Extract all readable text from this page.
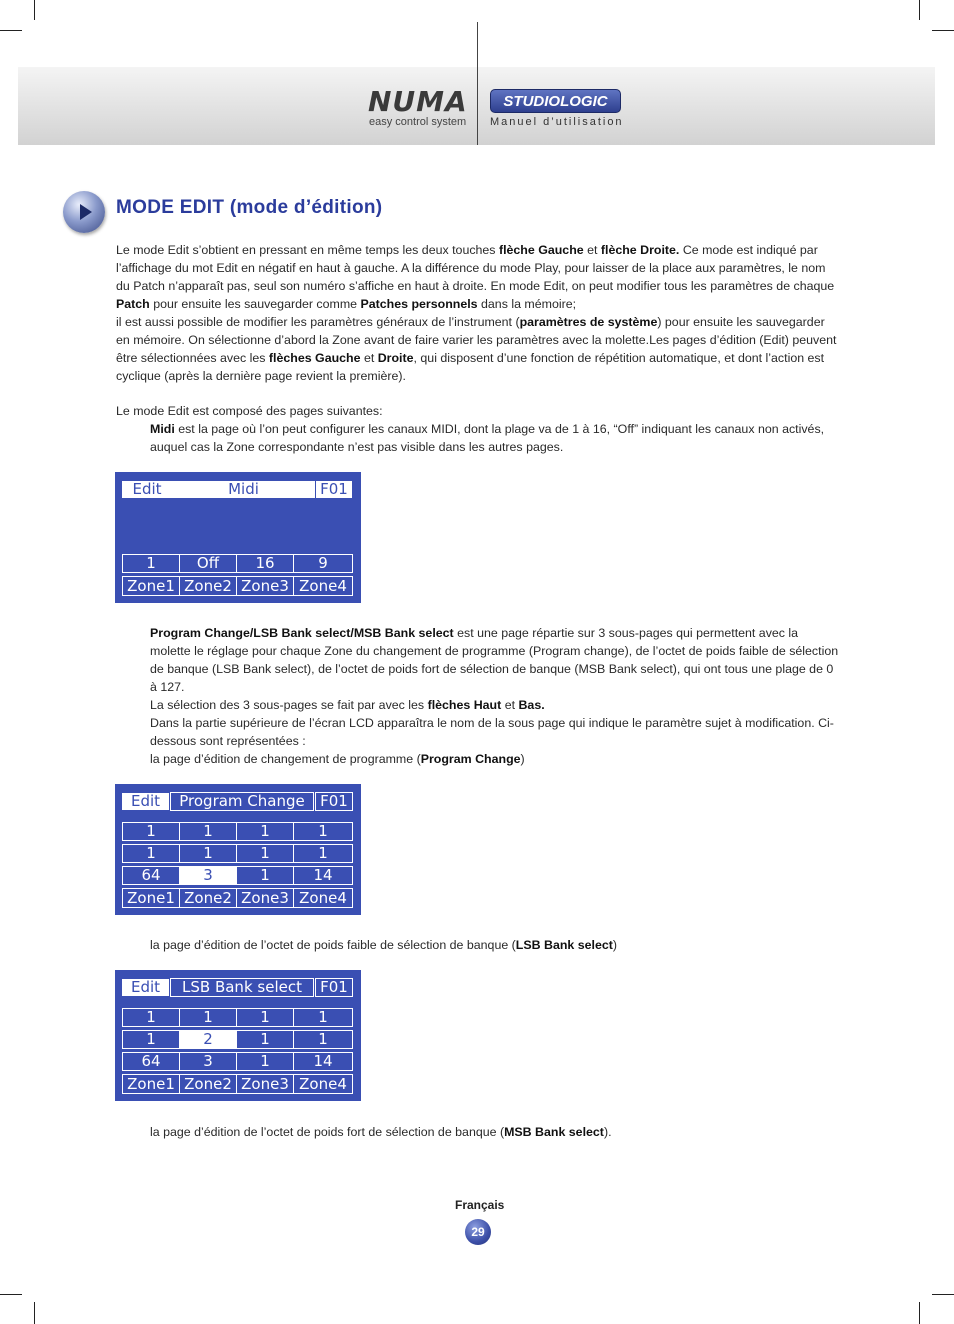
NUMA
easy control system
STUDIOLOGIC
Manuel d’utilisation
MODE EDIT (mode d’édition)

Le mode Edit s’obtient en pressant en même temps les deux touches flèche Gauche et flèche Droite. Ce mode est indiqué par l’affichage du mot Edit en négatif en haut à gauche. A la différence du mode Play, pour laisser de la place aux paramètres, le nom du Patch n’apparaît pas, seul son numéro s’affiche en haut à droite. En mode Edit, on peut modifier tous les paramètres de chaque Patch pour ensuite les sauvegarder comme Patches personnels dans la mémoire;
il est aussi possible de modifier les paramètres généraux de l’instrument (paramètres de système) pour ensuite les sauvegarder en mémoire. On sélectionne d’abord la Zone avant de faire varier les paramètres avec la molette.Les pages d’édition (Edit) peuvent être sélectionnées avec les flèches Gauche et Droite, qui disposent d’une fonction de répétition automatique, et dont l’action est cyclique (après la dernière page revient la première).

Le mode Edit est composé des pages suivantes:

Midi est la page où l’on peut configurer les canaux MIDI, dont la plage va de 1 à 16, “Off” indiquant les canaux non activés, auquel cas la Zone correspondante n’est pas visible dans les autres pages.

Edit	Midi	F01
1	Off	16	9
Zone1 Zone2 Zone3 Zone4

Program Change/LSB Bank select/MSB Bank select est une page répartie sur 3 sous-pages qui permettent avec la molette le réglage pour chaque Zone du changement de programme (Program change), de l’octet de poids faible de sélection de banque (LSB Bank select), de l’octet de poids fort de sélection de banque (MSB Bank select), qui ont tous une plage de 0 à 127.
La sélection des 3 sous-pages se fait par avec les flèches Haut et Bas.
Dans la partie supérieure de l’écran LCD apparaîtra le nom de la sous page qui indique le paramètre sujet à modification. Ci-dessous sont représentées :
la page d’édition de changement de programme (Program Change)

Edit	Program Change	F01
1	1	1	1
1	1	1	1
64	3	1	14
Zone1 Zone2 Zone3 Zone4

la page d’édition de l’octet de poids faible de sélection de banque (LSB Bank select)

Edit	LSB Bank select	F01
1	1	1	1
1	2	1	1
64	3	1	14
Zone1 Zone2 Zone3 Zone4

la page d’édition de l’octet de poids fort de sélection de banque (MSB Bank select).

Français
29
